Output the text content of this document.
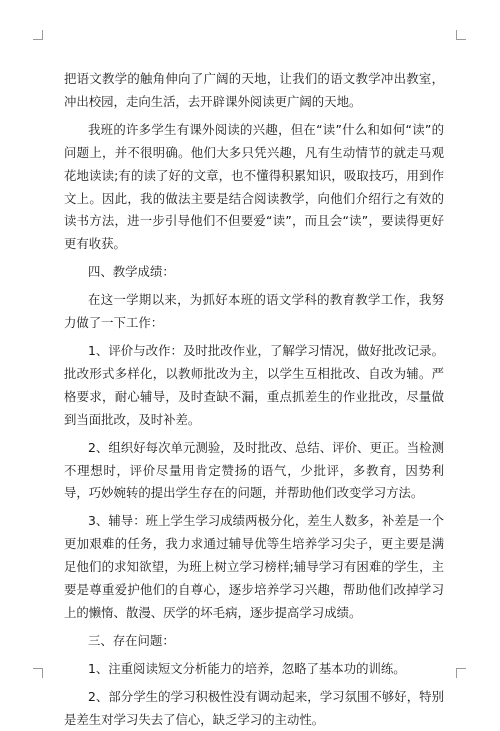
把语文教学的触角伸向了广阔的天地，让我们的语文教学冲出教室，冲出校园，走向生活，去开辟课外阅读更广阔的天地。

我班的许多学生有课外阅读的兴趣，但在“读”什么和如何“读”的问题上，并不很明确。他们大多只凭兴趣，凡有生动情节的就走马观花地读读;有的读了好的文章，也不懂得积累知识，吸取技巧，用到作文上。因此，我的做法主要是结合阅读教学，向他们介绍行之有效的读书方法，进一步引导他们不但要爱“读”，而且会“读”，要读得更好更有收获。

四、教学成绩：

在这一学期以来，为抓好本班的语文学科的教育教学工作，我努力做了一下工作：

1、评价与改作：及时批改作业，了解学习情况，做好批改记录。批改形式多样化，以教师批改为主，以学生互相批改、自改为辅。严格要求，耐心辅导，及时查缺不漏，重点抓差生的作业批改，尽量做到当面批改，及时补差。

2、组织好每次单元测验，及时批改、总结、评价、更正。当检测不理想时，评价尽量用肯定赞扬的语气，少批评，多教育，因势利导，巧妙婉转的提出学生存在的问题，并帮助他们改变学习方法。

3、辅导：班上学生学习成绩两极分化，差生人数多，补差是一个更加艰难的任务，我力求通过辅导优等生培养学习尖子，更主要是满足他们的求知欲望，为班上树立学习榜样;辅导学习有困难的学生，主要是尊重爱护他们的自尊心，逐步培养学习兴趣，帮助他们改掉学习上的懒惰、散漫、厌学的坏毛病，逐步提高学习成绩。

三、存在问题：

1、注重阅读短文分析能力的培养，忽略了基本功的训练。

2、部分学生的学习积极性没有调动起来，学习氛围不够好，特别是差生对学习失去了信心，缺乏学习的主动性。
